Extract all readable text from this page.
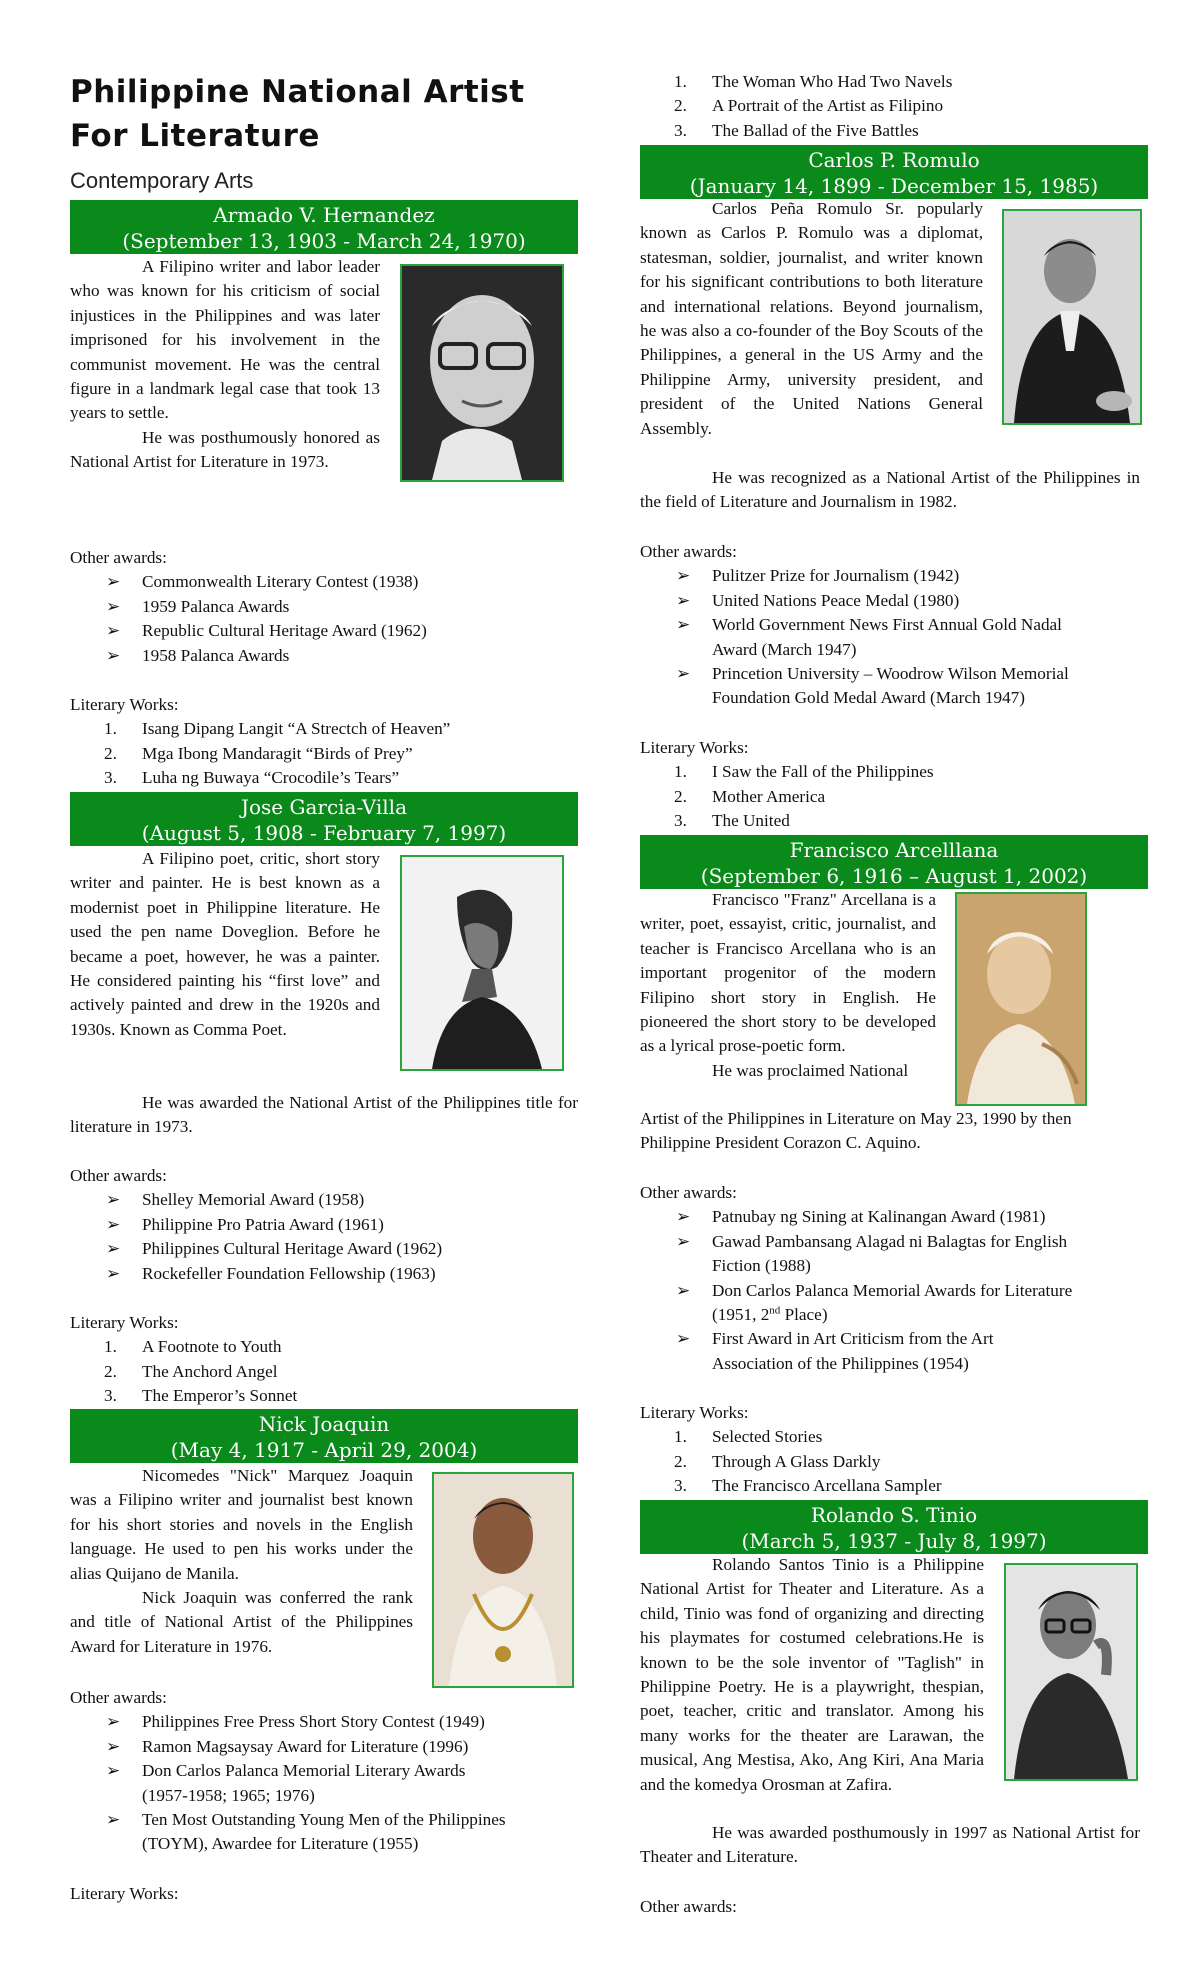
Philippine National Artist
For Literature
Contemporary Arts
Armado V. Hernandez
(September 13, 1903 - March 24, 1970)

A Filipino writer and labor leader who was known for his criticism of social injustices in the Philippines and was later imprisoned for his involvement in the communist movement. He was the central figure in a landmark legal case that took 13 years to settle.

He was posthumously honored as National Artist for Literature in 1973.

Other awards:

➢ Commonwealth Literary Contest (1938)
➢ 1959 Palanca Awards
➢ Republic Cultural Heritage Award (1962)
➢ 1958 Palanca Awards

Literary Works:

1. Isang Dipang Langit “A Strectch of Heaven”
2. Mga Ibong Mandaragit “Birds of Prey”
3. Luha ng Buwaya “Crocodile’s Tears”
Jose Garcia-Villa
(August 5, 1908 - February 7, 1997)

A Filipino poet, critic, short story writer and painter. He is best known as a modernist poet in Philippine literature. He used the pen name Doveglion. Before he became a poet, however, he was a painter. He considered painting his “first love” and actively painted and drew in the 1920s and 1930s. Known as Comma Poet.

He was awarded the National Artist of the Philippines title for literature in 1973.

Other awards:

➢ Shelley Memorial Award (1958)
➢ Philippine Pro Patria Award (1961)
➢ Philippines Cultural Heritage Award (1962)
➢ Rockefeller Foundation Fellowship (1963)

Literary Works:

1. A Footnote to Youth
2. The Anchord Angel
3. The Emperor’s Sonnet
Nick Joaquin
(May 4, 1917 - April 29, 2004)

Nicomedes "Nick" Marquez Joaquin was a Filipino writer and journalist best known for his short stories and novels in the English language. He used to pen his works under the alias Quijano de Manila.

Nick Joaquin was conferred the rank and title of National Artist of the Philippines Award for Literature in 1976.

Other awards:

➢ Philippines Free Press Short Story Contest (1949)
➢ Ramon Magsaysay Award for Literature (1996)
➢ Don Carlos Palanca Memorial Literary Awards
(1957-1958; 1965; 1976)
➢ Ten Most Outstanding Young Men of the Philippines
(TOYM), Awardee for Literature (1955)

Literary Works:

1. The Woman Who Had Two Navels
2. A Portrait of the Artist as Filipino
3. The Ballad of the Five Battles
Carlos P. Romulo
(January 14, 1899 - December 15, 1985)

Carlos Peña Romulo Sr. popularly known as Carlos P. Romulo was a diplomat, statesman, soldier, journalist, and writer known for his significant contributions to both literature and international relations. Beyond journalism, he was also a co-founder of the Boy Scouts of the Philippines, a general in the US Army and the Philippine Army, university president, and president of the United Nations General Assembly.

He was recognized as a National Artist of the Philippines in the field of Literature and Journalism in 1982.

Other awards:

➢ Pulitzer Prize for Journalism (1942)
➢ United Nations Peace Medal (1980)
➢ World Government News First Annual Gold Nadal
Award (March 1947)
➢ Princetion University – Woodrow Wilson Memorial
Foundation Gold Medal Award (March 1947)

Literary Works:

1. I Saw the Fall of the Philippines
2. Mother America
3. The United
Francisco Arcelllana
(September 6, 1916 – August 1, 2002)

Francisco "Franz" Arcellana is a writer, poet, essayist, critic, journalist, and teacher is Francisco Arcellana who is an important progenitor of the modern Filipino short story in English. He pioneered the short story to be developed as a lyrical prose-poetic form.

He was proclaimed National

Artist of the Philippines in Literature on May 23, 1990 by then
Philippine President Corazon C. Aquino.

Other awards:

➢ Patnubay ng Sining at Kalinangan Award (1981)
➢ Gawad Pambansang Alagad ni Balagtas for English
Fiction (1988)
➢ Don Carlos Palanca Memorial Awards for Literature
(1951, 2nd Place)
➢ First Award in Art Criticism from the Art
Association of the Philippines (1954)

Literary Works:

1. Selected Stories
2. Through A Glass Darkly
3. The Francisco Arcellana Sampler
Rolando S. Tinio
(March 5, 1937 - July 8, 1997)

Rolando Santos Tinio is a Philippine National Artist for Theater and Literature. As a child, Tinio was fond of organizing and directing his playmates for costumed celebrations.He is known to be the sole inventor of "Taglish" in Philippine Poetry. He is a playwright, thespian, poet, teacher, critic and translator. Among his many works for the theater are Larawan, the musical, Ang Mestisa, Ako, Ang Kiri, Ana Maria and the komedya Orosman at Zafira.

He was awarded posthumously in 1997 as National Artist for Theater and Literature.

Other awards:
